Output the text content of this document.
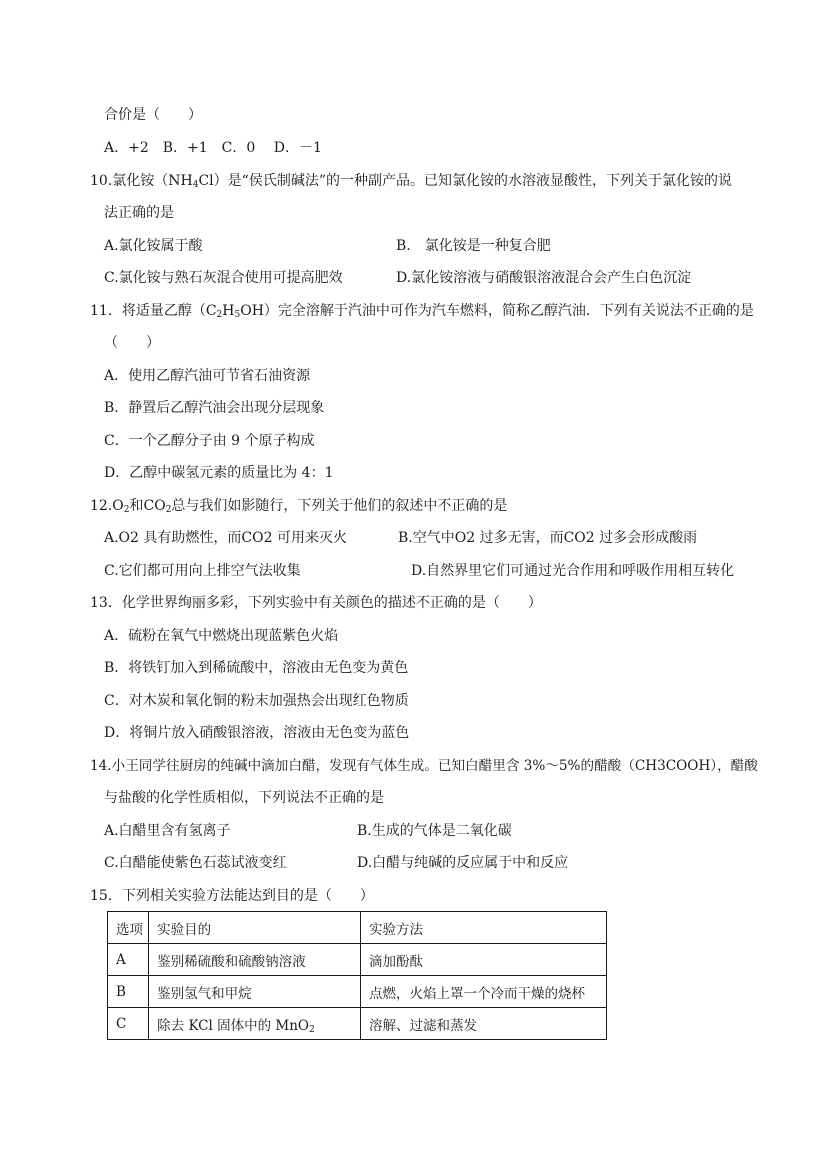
合价是（　　）
A．+2　B．+1　C．0　 D．－1
10.氯化铵$(NH_4Cl)$是“侯氏制碱法”的一种副产品。已知氯化铵的水溶液显酸性，下列关于氯化铵的说
法正确的是
A.氯化铵属于酸	B.　氯化铵是一种复合肥
C.氯化铵与熟石灰混合使用可提高肥效	D.氯化铵溶液与硝酸银溶液混合会产生白色沉淀
11．将适量乙醇$(C_2H_5OH)$完全溶解于汽油中可作为汽车燃料，简称乙醇汽油．下列有关说法不正确的是
（　　）
A．使用乙醇汽油可节省石油资源
B．静置后乙醇汽油会出现分层现象
C．一个乙醇分子由 9 个原子构成
D．乙醇中碳氢元素的质量比为 4：1
$12.O_2$和$CO_2$总与我们如影随行，下列关于他们的叙述中不正确的是
A.O2 具有助燃性，而CO2 可用来灭火	B.空气中O2 过多无害，而CO2 过多会形成酸雨
C.它们都可用向上排空气法收集	D.自然界里它们可通过光合作用和呼吸作用相互转化
13．化学世界绚丽多彩，下列实验中有关颜色的描述不正确的是（　　）
A．硫粉在氧气中燃烧出现蓝紫色火焰
B．将铁钉加入到稀硫酸中，溶液由无色变为黄色
C．对木炭和氧化铜的粉末加强热会出现红色物质
D．将铜片放入硝酸银溶液，溶液由无色变为蓝色
14.小王同学往厨房的纯碱中滴加白醋，发现有气体生成。已知白醋里含 3%～5%的醋酸（CH3COOH），醋酸
与盐酸的化学性质相似，下列说法不正确的是
A.白醋里含有氢离子	B.生成的气体是二氧化碳
C.白醋能使紫色石蕊试液变红	D.白醋与纯碱的反应属于中和反应
15．下列相关实验方法能达到目的是（　　）
选项	实验目的	实验方法
A	鉴别稀硫酸和硫酸钠溶液	滴加酚酞
B	鉴别氢气和甲烷	点燃，火焰上罩一个冷而干燥的烧杯
C	除去 KCl 固体中的 MnO$_2$	溶解、过滤和蒸发
